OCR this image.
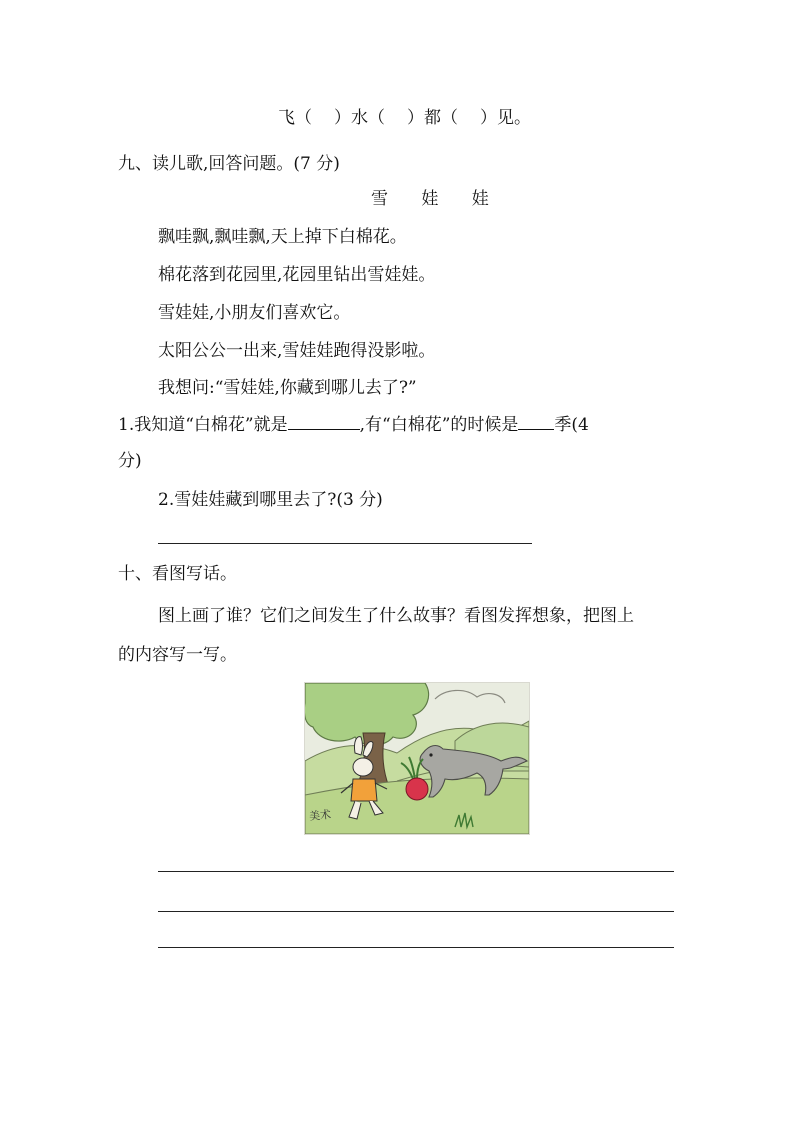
飞（ ）水（ ）都（ ）见。
九、读儿歌,回答问题。(7 分)
雪 娃 娃
飘哇飘,飘哇飘,天上掉下白棉花。
棉花落到花园里,花园里钻出雪娃娃。
雪娃娃,小朋友们喜欢它。
太阳公公一出来,雪娃娃跑得没影啦。
我想问:“雪娃娃,你藏到哪儿去了?”
1.我知道“白棉花”就是	,有“白棉花”的时候是 季(4
分)
2.雪娃娃藏到哪里去了?(3 分)
十、看图写话。
图上画了谁？它们之间发生了什么故事？看图发挥想象，把图上
的内容写一写。
美术
